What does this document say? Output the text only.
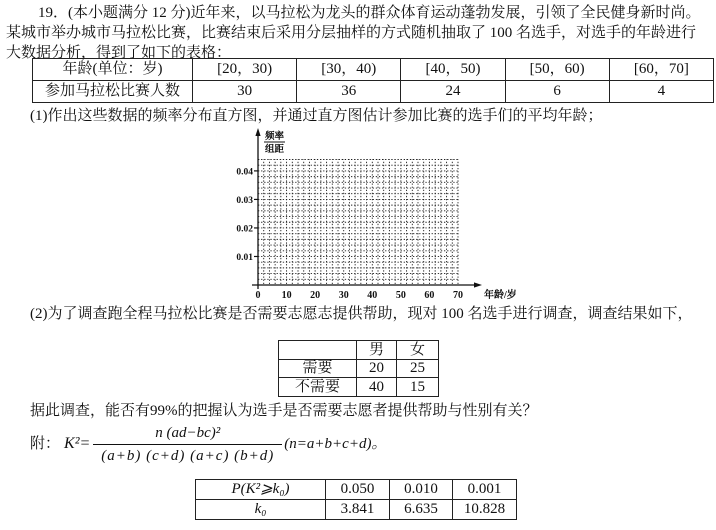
19．(本小题满分 12 分)近年来，以马拉松为龙头的群众体育运动蓬勃发展，引领了全民健身新时尚。

某城市举办城市马拉松比赛，比赛结束后采用分层抽样的方式随机抽取了 100 名选手，对选手的年龄进行

大数据分析，得到了如下的表格：

年龄(单位：岁)	[20，30)	[30，40)	[40，50)	[50，60)	[60，70]
参加马拉松比赛人数	30	36	24	6	4

(1)作出这些数据的频率分布直方图，并通过直方图估计参加比赛的选手们的平均年龄；

0.01
0.02
0.03
0.04
0 10 20 30 40 50 60 70
频率
组距
年龄/岁

(2)为了调查跑全程马拉松比赛是否需要志愿志提供帮助，现对 100 名选手进行调查，调查结果如下，

	男	女
需要	20	25
不需要	40	15

据此调查，能否有99%的把握认为选手是否需要志愿者提供帮助与性别有关？

附： $K^2= \frac{\text{n (ad−bc)²}}{(a+b) (c+d) (a+c) (b+d)} (n=a+b+c+d)$。
P(K²⩾k₀)	0.050	0.010	0.001
k₀	3.841	6.635	10.828
